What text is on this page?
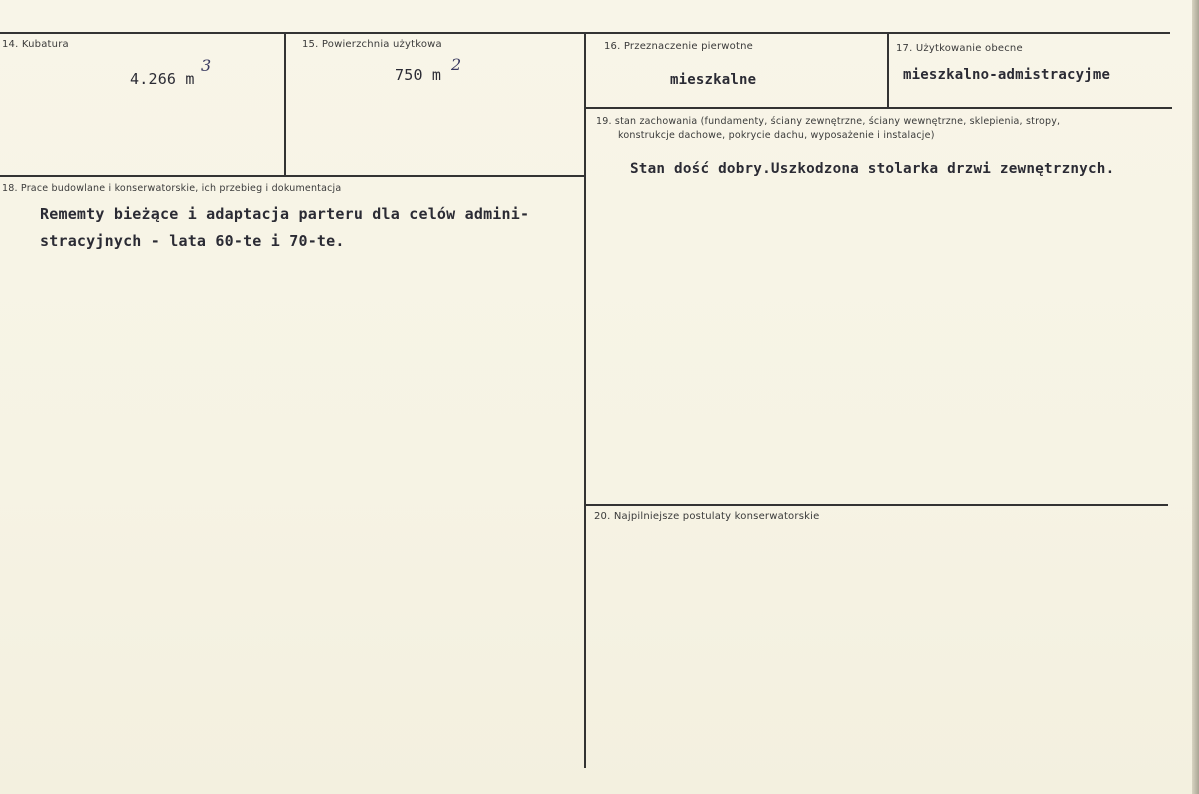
14. Kubatura
4.266 m
3
15. Powierzchnia użytkowa
750 m
2
16. Przeznaczenie pierwotne
mieszkalne
17. Użytkowanie obecne
mieszkalno-admistracyjme
18. Prace budowlane i konserwatorskie, ich przebieg i dokumentacja
Rememty bieżące i adaptacja parteru dla celów admini-
stracyjnych - lata 60-te i 70-te.
19. stan zachowania (fundamenty, ściany zewnętrzne, ściany wewnętrzne, sklepienia, stropy,
konstrukcje dachowe, pokrycie dachu, wyposażenie i instalacje)
Stan dość dobry.Uszkodzona stolarka drzwi zewnętrznych.
20. Najpilniejsze postulaty konserwatorskie
